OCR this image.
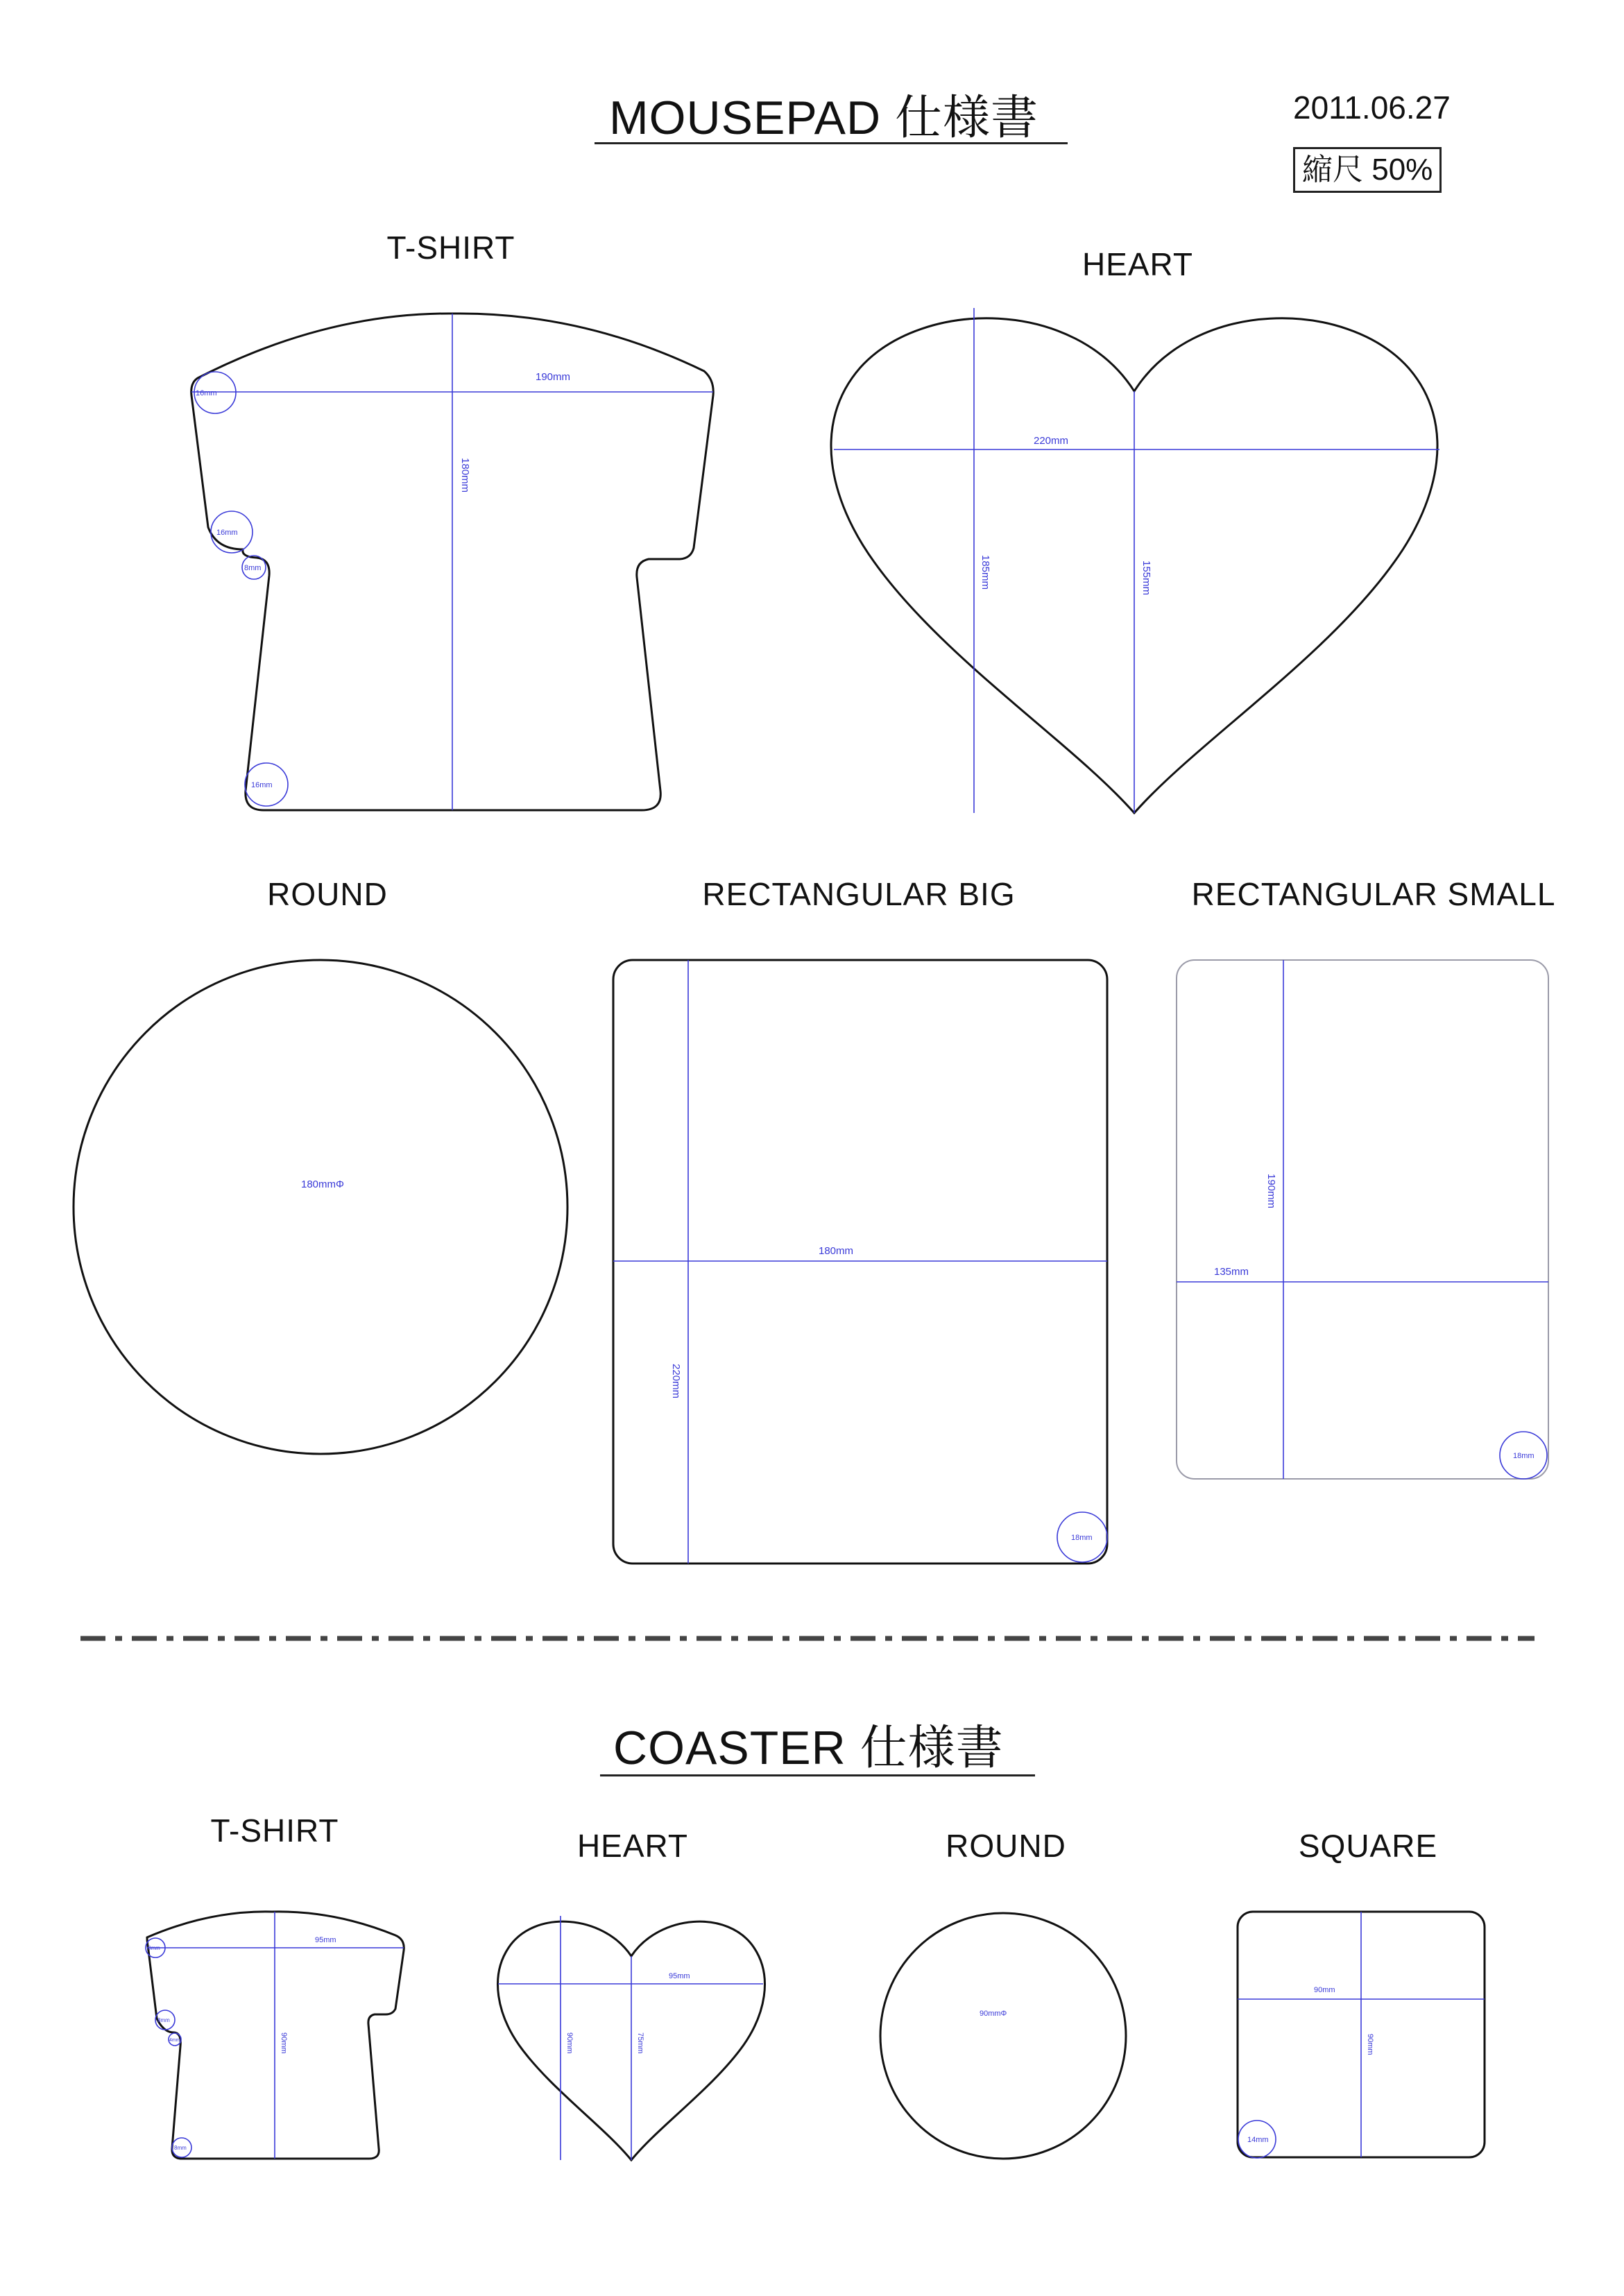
MOUSEPAD 仕様書	2011.06.27
縮尺 50%
T-SHIRT	HEART
ROUND	RECTANGULAR BIG	RECTANGULAR SMALL
COASTER 仕様書
T-SHIRT	HEART	ROUND	SQUARE
190mm
180mm
16mm
16mm
8mm
16mm
220mm
185mm	155mm
180mmΦ
180mm
220mm
18mm
135mm
190mm
18mm
95mm
90mm
8mm
8mm
4mm
8mm
95mm
90mm	75mm
90mmΦ
90mm
90mm
14mm
